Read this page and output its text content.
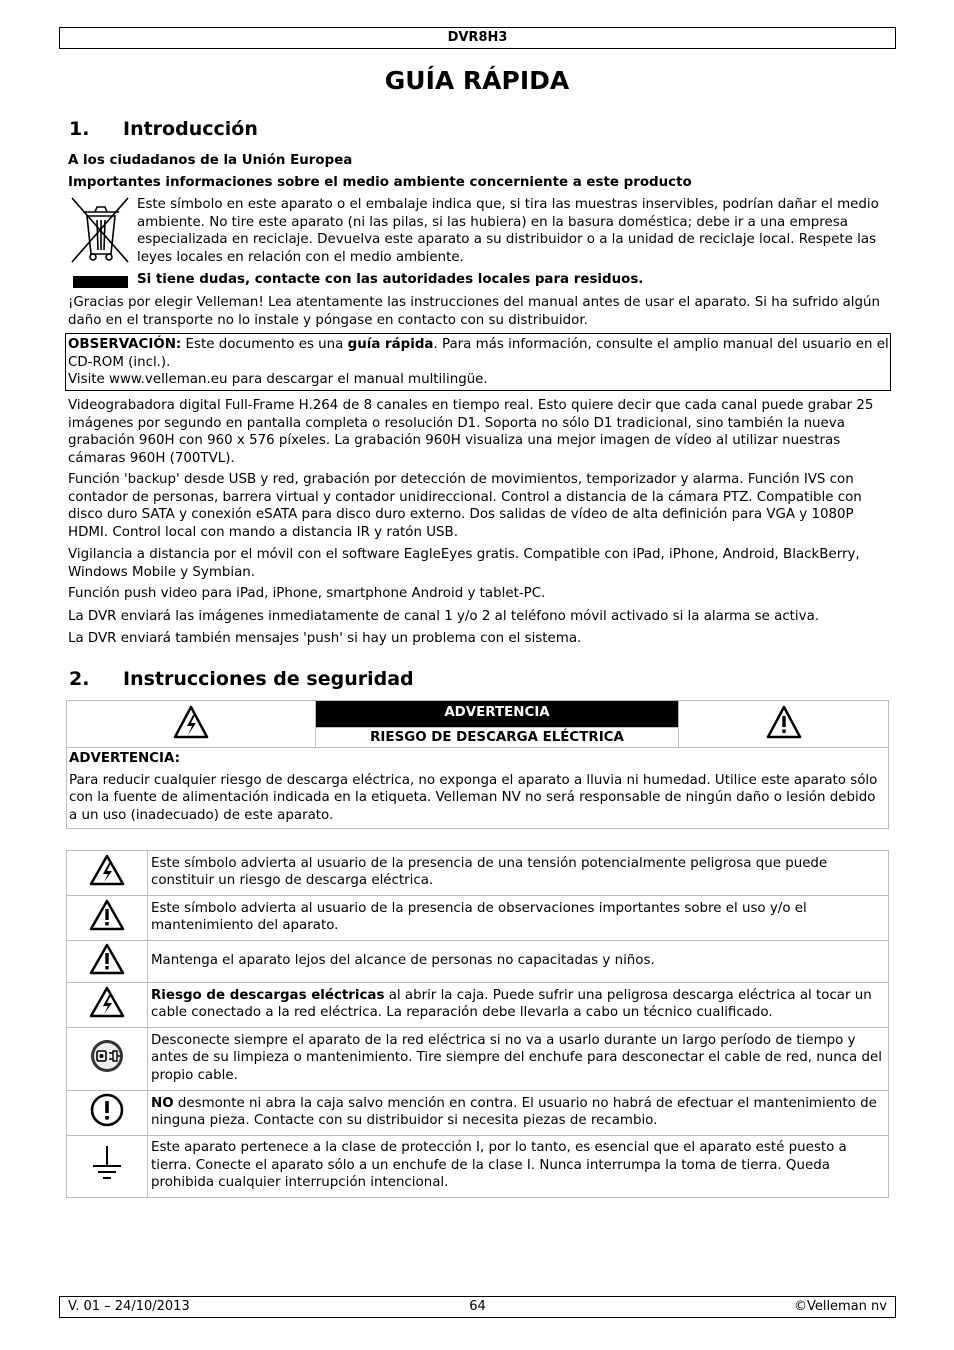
DVR8H3
GUÍA RÁPIDA
1. Introducción
A los ciudadanos de la Unión Europea
Importantes informaciones sobre el medio ambiente concerniente a este producto
Este símbolo en este aparato o el embalaje indica que, si tira las muestras inservibles, podrían dañar el medio ambiente. No tire este aparato (ni las pilas, si las hubiera) en la basura doméstica; debe ir a una empresa especializada en reciclaje. Devuelva este aparato a su distribuidor o a la unidad de reciclaje local. Respete las leyes locales en relación con el medio ambiente.
Si tiene dudas, contacte con las autoridades locales para residuos.
¡Gracias por elegir Velleman! Lea atentamente las instrucciones del manual antes de usar el aparato. Si ha sufrido algún daño en el transporte no lo instale y póngase en contacto con su distribuidor.
OBSERVACIÓN: Este documento es una guía rápida. Para más información, consulte el amplio manual del usuario en el CD-ROM (incl.).
Visite www.velleman.eu para descargar el manual multilingüe.
Videograbadora digital Full-Frame H.264 de 8 canales en tiempo real. Esto quiere decir que cada canal puede grabar 25 imágenes por segundo en pantalla completa o resolución D1. Soporta no sólo D1 tradicional, sino también la nueva grabación 960H con 960 x 576 píxeles. La grabación 960H visualiza una mejor imagen de vídeo al utilizar nuestras cámaras 960H (700TVL).
Función 'backup' desde USB y red, grabación por detección de movimientos, temporizador y alarma. Función IVS con contador de personas, barrera virtual y contador unidireccional. Control a distancia de la cámara PTZ. Compatible con disco duro SATA y conexión eSATA para disco duro externo. Dos salidas de vídeo de alta definición para VGA y 1080P HDMI. Control local con mando a distancia IR y ratón USB.
Vigilancia a distancia por el móvil con el software EagleEyes gratis. Compatible con iPad, iPhone, Android, BlackBerry, Windows Mobile y Symbian.
Función push video para iPad, iPhone, smartphone Android y tablet-PC.
La DVR enviará las imágenes inmediatamente de canal 1 y/o 2 al teléfono móvil activado si la alarma se activa.
La DVR enviará también mensajes 'push' si hay un problema con el sistema.
2. Instrucciones de seguridad

ADVERTENCIA
RIESGO DE DESCARGA ELÉCTRICA

ADVERTENCIA:
Para reducir cualquier riesgo de descarga eléctrica, no exponga el aparato a lluvia ni humedad. Utilice este aparato sólo con la fuente de alimentación indicada en la etiqueta. Velleman NV no será responsable de ningún daño o lesión debido a un uso (inadecuado) de este aparato.
	Este símbolo advierta al usuario de la presencia de una tensión potencialmente peligrosa que puede constituir un riesgo de descarga eléctrica.
	Este símbolo advierta al usuario de la presencia de observaciones importantes sobre el uso y/o el mantenimiento del aparato.
	Mantenga el aparato lejos del alcance de personas no capacitadas y niños.
	Riesgo de descargas eléctricas al abrir la caja. Puede sufrir una peligrosa descarga eléctrica al tocar un cable conectado a la red eléctrica. La reparación debe llevarla a cabo un técnico cualificado.
	Desconecte siempre el aparato de la red eléctrica si no va a usarlo durante un largo período de tiempo y antes de su limpieza o mantenimiento. Tire siempre del enchufe para desconectar el cable de red, nunca del propio cable.
	NO desmonte ni abra la caja salvo mención en contra. El usuario no habrá de efectuar el mantenimiento de ninguna pieza. Contacte con su distribuidor si necesita piezas de recambio.
	Este aparato pertenece a la clase de protección I, por lo tanto, es esencial que el aparato esté puesto a tierra. Conecte el aparato sólo a un enchufe de la clase I. Nunca interrumpa la toma de tierra. Queda prohibida cualquier interrupción intencional.
V. 01 – 24/10/2013	64	©Velleman nv
